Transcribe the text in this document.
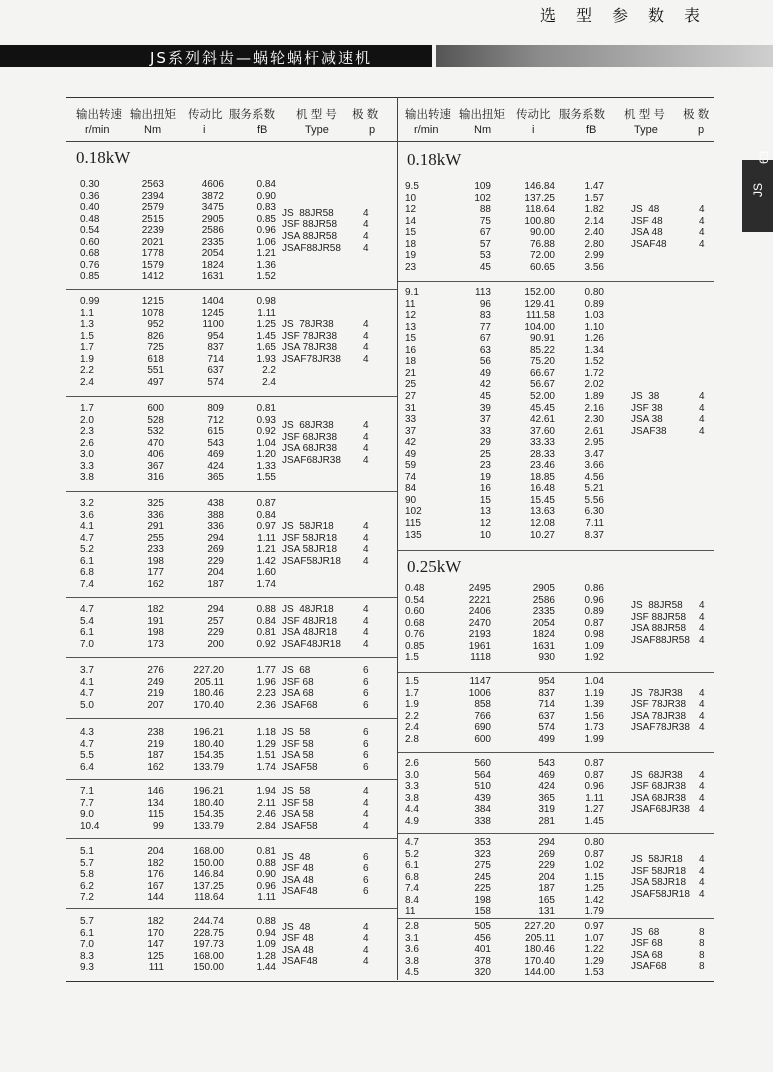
JS系列斜齿—蜗轮蜗杆减速机
选型参数表
63
JS
输出转速 输出扭矩 传动比 服务系数 机 型 号 极 数
r/min	Nm	i	fB	Type	p
输出转速 输出扭矩 传动比 服务系数 机 型 号 极 数
r/min	Nm	i	fB	Type	p
0.18kW	0.18kW
0.25kW
0.30	2563	4606	0.84
0.36	2394	3872	0.90
0.40	2579	3475	0.83
0.48	2515	2905	0.85
0.54	2239	2586	0.96
0.60	2021	2335	1.06
0.68	1778	2054	1.21
0.76	1579	1824	1.36
0.85	1412	1631	1.52
JS  88JR58	4
JSF 88JR58	4
JSA 88JR58	4
JSAF88JR58 4
0.99	1215	1404	0.98
1.1	1078	1245	1.11
1.3	952	1100	1.25
1.5	826	954	1.45
1.7	725	837	1.65
1.9	618	714	1.93
2.2	551	637	2.2
2.4	497	574	2.4
JS  78JR38	4
JSF 78JR38	4
JSA 78JR38	4
JSAF78JR38 4
1.7	600	809	0.81
2.0	528	712	0.93
2.3	532	615	0.92
2.6	470	543	1.04
3.0	406	469	1.20
3.3	367	424	1.33
3.8	316	365	1.55
JS  68JR38	4
JSF 68JR38	4
JSA 68JR38	4
JSAF68JR38 4
3.2	325	438	0.87
3.6	336	388	0.84
4.1	291	336	0.97
4.7	255	294	1.11
5.2	233	269	1.21
6.1	198	229	1.42
6.8	177	204	1.60
7.4	162	187	1.74
JS  58JR18	4
JSF 58JR18	4
JSA 58JR18	4
JSAF58JR18 4
4.7	182	294	0.88
5.4	191	257	0.84
6.1	198	229	0.81
7.0	173	200	0.92
JS  48JR18	4
JSF 48JR18	4
JSA 48JR18	4
JSAF48JR18 4
3.7	276	227.20	1.77
4.1	249	205.11	1.96
4.7	219	180.46	2.23
5.0	207	170.40	2.36
JS  68	6
JSF 68	6
JSA 68	6
JSAF68	6
4.3	238	196.21	1.18
4.7	219	180.40	1.29
5.5	187	154.35	1.51
6.4	162	133.79	1.74
JS  58	6
JSF 58	6
JSA 58	6
JSAF58	6
7.1	146	196.21	1.94
7.7	134	180.40	2.11
9.0	115	154.35	2.46
10.4	99	133.79	2.84
JS  58	4
JSF 58	4
JSA 58	4
JSAF58	4
5.1	204	168.00	0.81
5.7	182	150.00	0.88
5.8	176	146.84	0.90
6.2	167	137.25	0.96
7.2	144	118.64	1.11
JS  48	6
JSF 48	6
JSA 48	6
JSAF48	6
5.7	182	244.74	0.88
6.1	170	228.75	0.94
7.0	147	197.73	1.09
8.3	125	168.00	1.28
9.3	111	150.00	1.44
JS  48	4
JSF 48	4
JSA 48	4
JSAF48	4
9.5	109	146.84	1.47
10	102	137.25	1.57
12	88	118.64	1.82
14	75	100.80	2.14
15	67	90.00	2.40
18	57	76.88	2.80
19	53	72.00	2.99
23	45	60.65	3.56
JS  48	4
JSF 48	4
JSA 48	4
JSAF48	4
9.1	113	152.00	0.80
11	96	129.41	0.89
12	83	111.58	1.03
13	77	104.00	1.10
15	67	90.91	1.26
16	63	85.22	1.34
18	56	75.20	1.52
21	49	66.67	1.72
25	42	56.67	2.02
27	45	52.00	1.89
31	39	45.45	2.16
33	37	42.61	2.30
37	33	37.60	2.61
42	29	33.33	2.95
49	25	28.33	3.47
59	23	23.46	3.66
74	19	18.85	4.56
84	16	16.48	5.21
90	15	15.45	5.56
102	13	13.63	6.30
115	12	12.08	7.11
135	10	10.27	8.37
JS  38	4
JSF 38	4
JSA 38	4
JSAF38	4
0.48	2495	2905	0.86
0.54	2221	2586	0.96
0.60	2406	2335	0.89
0.68	2470	2054	0.87
0.76	2193	1824	0.98
0.85	1961	1631	1.09
1.5	1118	930	1.92
JS  88JR58 4
JSF 88JR58 4
JSA 88JR58 4
JSAF88JR58 4
1.5	1147	954	1.04
1.7	1006	837	1.19
1.9	858	714	1.39
2.2	766	637	1.56
2.4	690	574	1.73
2.8	600	499	1.99
JS  78JR38 4
JSF 78JR38 4
JSA 78JR38 4
JSAF78JR38 4
2.6	560	543	0.87
3.0	564	469	0.87
3.3	510	424	0.96
3.8	439	365	1.11
4.4	384	319	1.27
4.9	338	281	1.45
JS  68JR38 4
JSF 68JR38 4
JSA 68JR38 4
JSAF68JR38 4
4.7	353	294	0.80
5.2	323	269	0.87
6.1	275	229	1.02
6.8	245	204	1.15
7.4	225	187	1.25
8.4	198	165	1.42
11	158	131	1.79
JS  58JR18 4
JSF 58JR18 4
JSA 58JR18 4
JSAF58JR18 4
2.8	505	227.20	0.97
3.1	456	205.11	1.07
3.6	401	180.46	1.22
3.8	378	170.40	1.29
4.5	320	144.00	1.53
JS  68	8
JSF 68	8
JSA 68	8
JSAF68	8
